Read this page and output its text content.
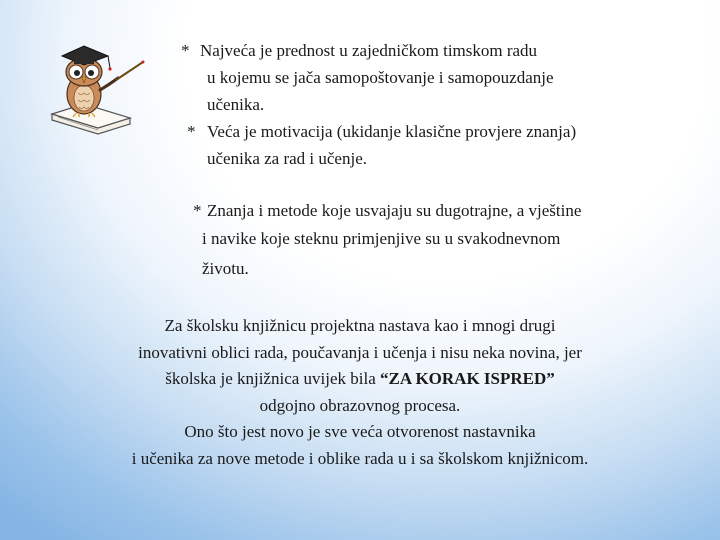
* Najveća je prednost u zajedničkom timskom radu
u kojemu se jača samopoštovanje i samopouzdanje
učenika.
* Veća je motivacija (ukidanje klasične provjere znanja)
učenika za rad i učenje.
* Znanja i metode koje usvajaju su dugotrajne, a vještine
i navike koje steknu primjenjive su u svakodnevnom
životu.
Za školsku knjižnicu projektna nastava kao i mnogi drugi
inovativni oblici rada, poučavanja i učenja i nisu neka novina, jer
školska je knjižnica uvijek bila “ZA KORAK ISPRED”
odgojno obrazovnog procesa.
Ono što jest novo je sve veća otvorenost nastavnika
i učenika za nove metode i oblike rada u i sa školskom knjižnicom.
